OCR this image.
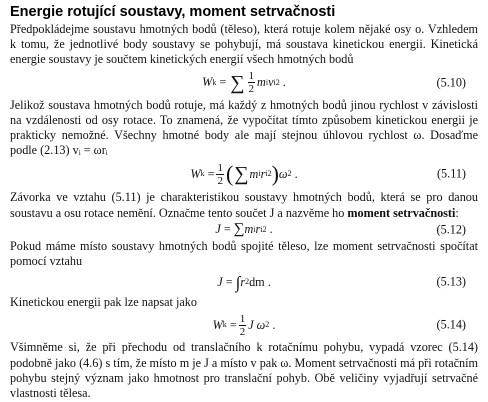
Energie rotující soustavy, moment setrvačnosti

Předpokládejme soustavu hmotných bodů (těleso), která rotuje kolem nějaké osy o. Vzhledem k tomu, že jednotlivé body soustavy se pohybují, má soustava kinetickou energii. Kinetická energie soustavy je součtem kinetických energií všech hmotných bodů

W k
=
∑ $\frac{1}{2}$ m i v i 2
.	(5.10)

Jelikož soustava hmotných bodů rotuje, má každý z hmotných bodů jinou rychlost v závislosti na vzdálenosti od osy rotace. To znamená, že vypočítat tímto způsobem kinetickou energii je prakticky nemožné. Všechny hmotné body ale mají stejnou úhlovou rychlost ω. Dosaďme podle (2.13) vᵢ = ωrᵢ

W k
= $\frac{1}{2}$ ( ∑ m i r i 2 ) ω 2
.	(5.11)

Závorka ve vztahu (5.11) je charakteristikou soustavy hmotných bodů, která se pro danou soustavu a osu rotace nemění. Označme tento součet J a nazvěme ho moment setrvačnosti:

J
=
∑ m i r i 2
.	(5.12)

Pokud máme místo soustavy hmotných bodů spojité těleso, lze moment setrvačnosti spočítat pomocí vztahu

J
=
∫ r 2 dm
.	(5.13)

Kinetickou energii pak lze napsat jako

W k
= $\frac{1}{2}$ J
ω 2
.	(5.14)

Všimněme si, že při přechodu od translačního k rotačnímu pohybu, vypadá vzorec (5.14) podobně jako (4.6) s tím, že místo m je J a místo v pak ω. Moment setrvačnosti má při rotačním pohybu stejný význam jako hmotnost pro translační pohyb. Obě veličiny vyjadřují setrvačné vlastnosti tělesa.
